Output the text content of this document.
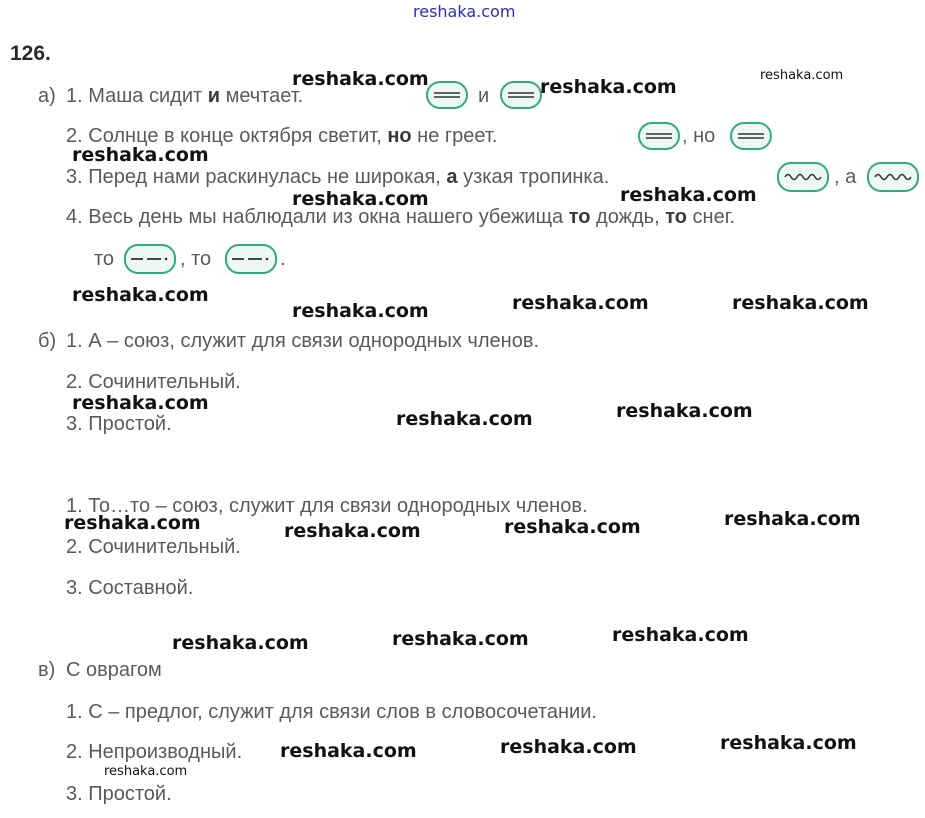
reshaka.com
126.
а) 1. Маша сидит и мечтает.
2. Солнце в конце октября светит, но не греет.
3. Перед нами раскинулась не широкая, а узкая тропинка.
4. Весь день мы наблюдали из окна нашего убежища то дождь, то снег.
и
, но
, а
то	, то	.
б) 1. А – союз, служит для связи однородных членов.
2. Сочинительный.
3. Простой.
1. То…то – союз, служит для связи однородных членов.
2. Сочинительный.
3. Составной.
в) С оврагом
1. С – предлог, служит для связи слов в словосочетании.
2. Непроизводный.
3. Простой.
reshaka.com	reshaka.com
reshaka.com
reshaka.com
reshaka.com	reshaka.com
reshaka.com
reshaka.com	reshaka.com	reshaka.com
reshaka.com
reshaka.com	reshaka.com
reshaka.com	reshaka.com	reshaka.com	reshaka.com
reshaka.com	reshaka.com	reshaka.com
reshaka.com	reshaka.com	reshaka.com
reshaka.com
